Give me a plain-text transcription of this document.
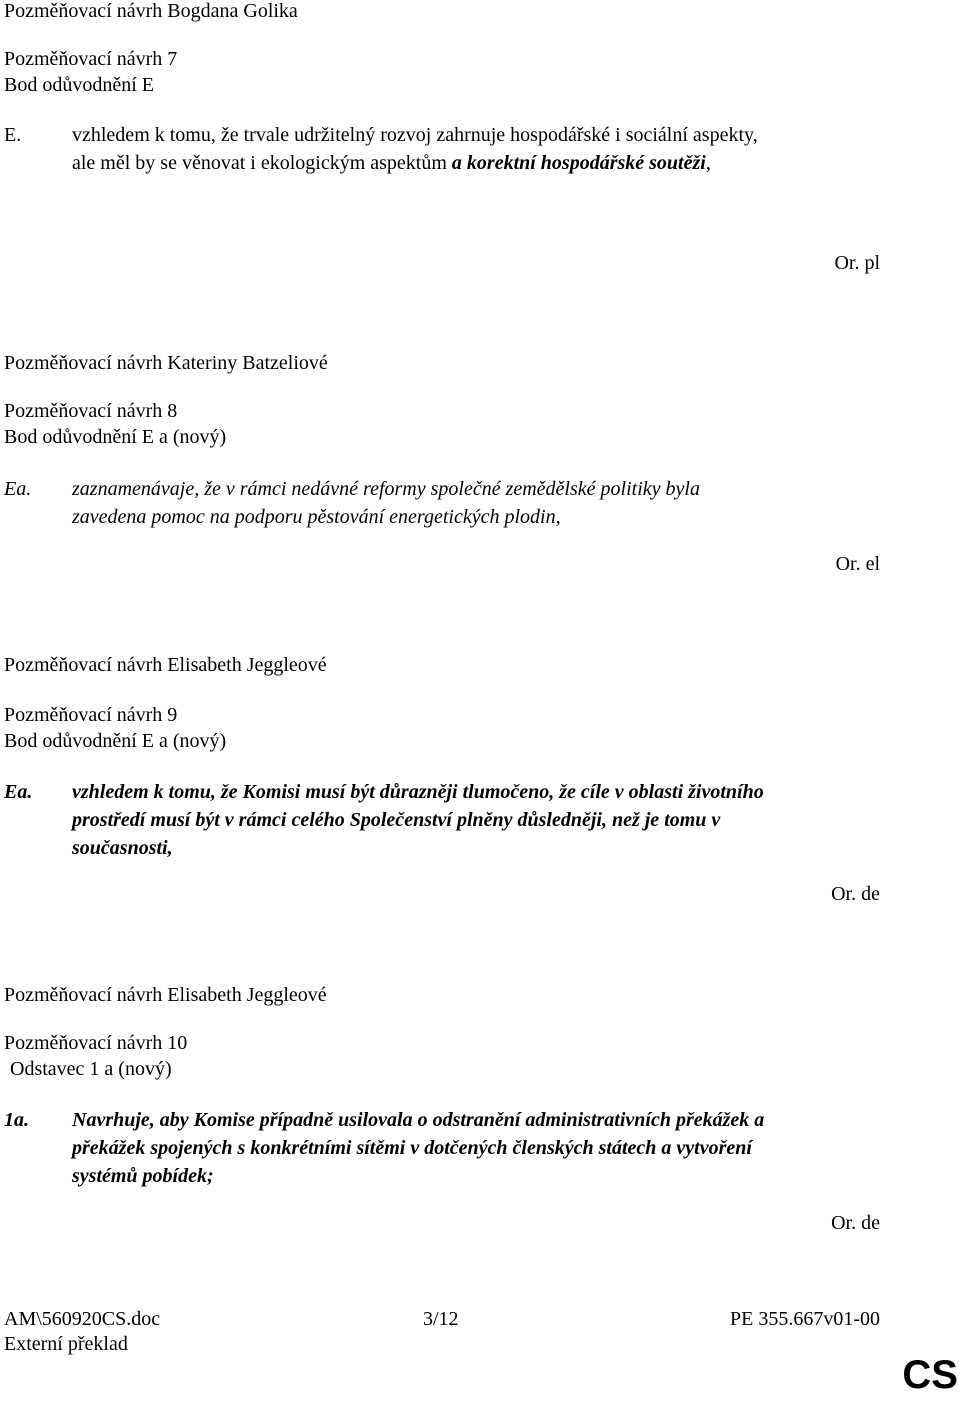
Pozměňovací návrh Bogdana Golika
Pozměňovací návrh 7
Bod odůvodnění E
E.	vzhledem k tomu, že trvale udržitelný rozvoj zahrnuje hospodářské i sociální aspekty,
ale měl by se věnovat i ekologickým aspektům a korektní hospodářské soutěži,
Or. pl
Pozměňovací návrh Kateriny Batzeliové
Pozměňovací návrh 8
Bod odůvodnění E a (nový)
Ea. zaznamenávaje, že v rámci nedávné reformy společné zemědělské politiky byla
zavedena pomoc na podporu pěstování energetických plodin,
Or. el
Pozměňovací návrh Elisabeth Jeggleové
Pozměňovací návrh 9
Bod odůvodnění E a (nový)
Ea. vzhledem k tomu, že Komisi musí být důrazněji tlumočeno, že cíle v oblasti životního
prostředí musí být v rámci celého Společenství plněny důsledněji, než je tomu v
současnosti,
Or. de
Pozměňovací návrh Elisabeth Jeggleové
Pozměňovací návrh 10
Odstavec 1 a (nový)
1a. Navrhuje, aby Komise případně usilovala o odstranění administrativních překážek a
překážek spojených s konkrétními sítěmi v dotčených členských státech a vytvoření
systémů pobídek;
Or. de
AM\560920CS.doc	3/12	PE 355.667v01-00
Externí překlad
CS
